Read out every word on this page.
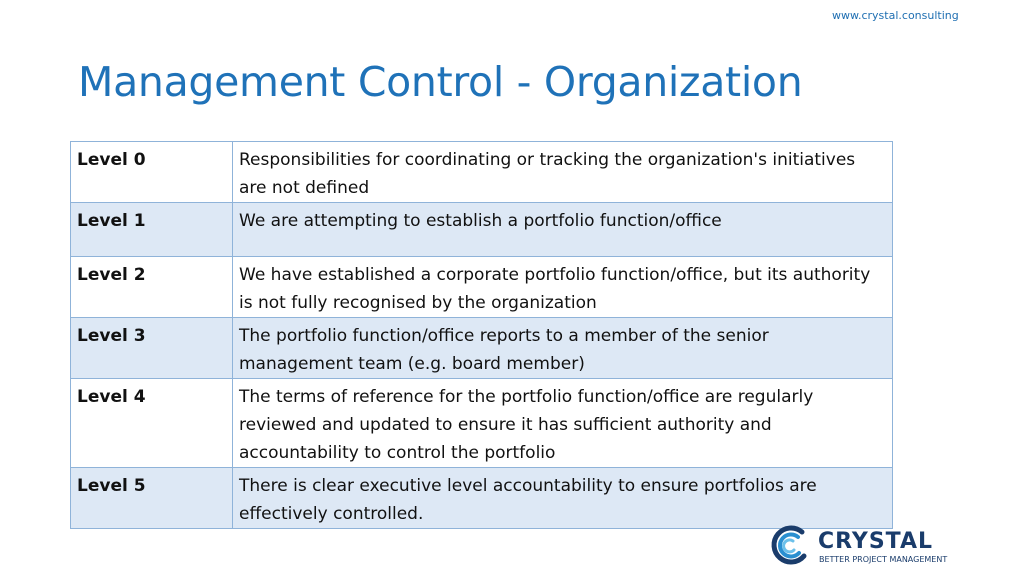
www.crystal.consulting
Management Control - Organization
Level 0	Responsibilities for coordinating or tracking the organization's initiatives are not defined
Level 1	We are attempting to establish a portfolio function/office
Level 2	We have established a corporate portfolio function/office, but its authority is not fully recognised by the organization
Level 3	The portfolio function/office reports to a member of the senior management team (e.g. board member)
Level 4	The terms of reference for the portfolio function/office are regularly reviewed and updated to ensure it has sufficient authority and accountability to control the portfolio
Level 5	There is clear executive level accountability to ensure portfolios are effectively controlled.
CRYSTAL
BETTER PROJECT MANAGEMENT
